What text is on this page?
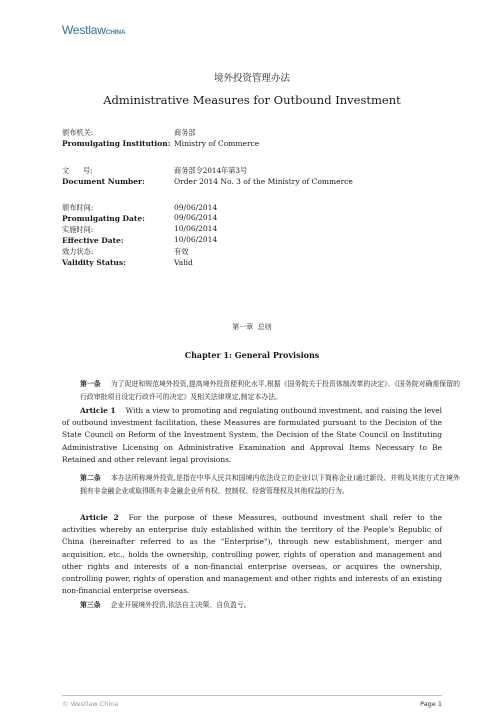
WestlawCHINA
境外投资管理办法
Administrative Measures for Outbound Investment
颁布机关:	商务部
Promulgating Institution: Ministry of Commerce
文      号:	商务部令2014年第3号
Document Number:	Order 2014 No. 3 of the Ministry of Commerce
颁布时间:	09/06/2014
Promulgating Date:	09/06/2014
实施时间:	10/06/2014
Effective Date:	10/06/2014
效力状态:	有效
Validity Status:	Valid
第一章  总则
Chapter 1: General Provisions
第一条 为了促进和规范境外投资,提高境外投资便利化水平,根据《国务院关于投资体制改革的决定》、《国务院对确需保留的行政审批项目设定行政许可的决定》及相关法律规定,制定本办法。
Article 1 With a view to promoting and regulating outbound investment, and raising the level of outbound investment facilitation, these Measures are formulated pursuant to the Decision of the State Council on Reform of the Investment System, the Decision of the State Council on Instituting Administrative Licensing on Administrative Examination and Approval Items Necessary to Be Retained and other relevant legal provisions.
第二条 本办法所称境外投资,是指在中华人民共和国境内依法设立的企业(以下简称企业)通过新设、并购及其他方式在境外拥有非金融企业或取得既有非金融企业所有权、控制权、经营管理权及其他权益的行为。
Article 2 For the purpose of these Measures, outbound investment shall refer to the activities whereby an enterprise duly established within the territory of the People's Republic of China (hereinafter referred to as the "Enterprise"), through new establishment, merger and acquisition, etc., holds the ownership, controlling power, rights of operation and management and other rights and interests of a non-financial enterprise overseas, or acquires the ownership, controlling power, rights of operation and management and other rights and interests of an existing non-financial enterprise overseas.
第三条 企业开展境外投资,依法自主决策、自负盈亏。
© Westlaw China	Page 1
